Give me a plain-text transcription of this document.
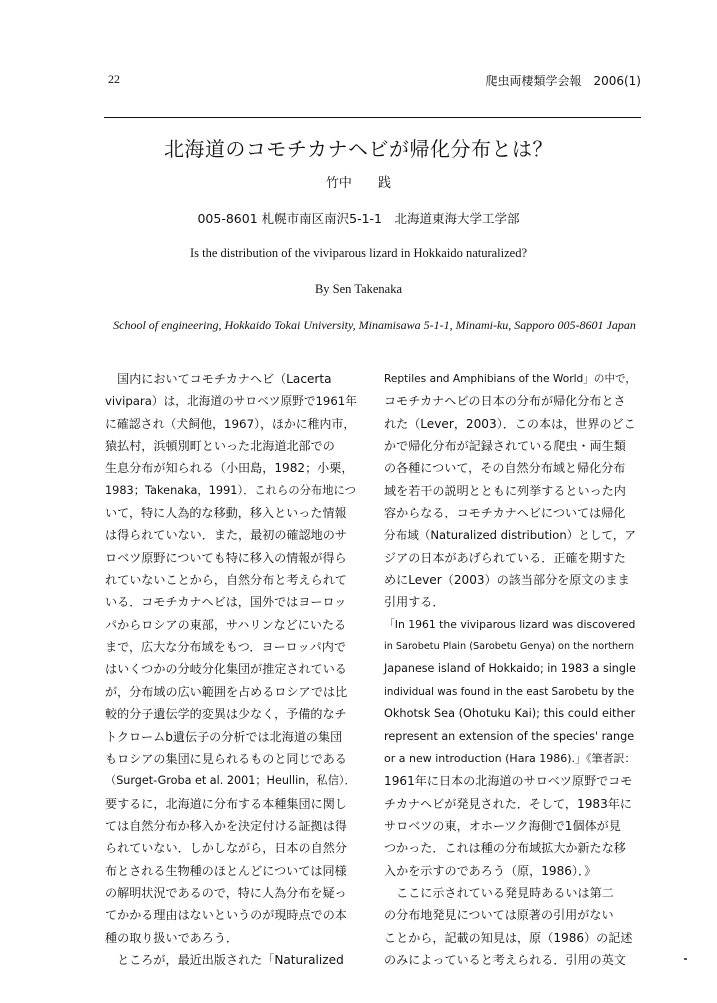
22	爬虫両棲類学会報　2006(1)
北海道のコモチカナヘビが帰化分布とは？
竹中 践
005-8601 札幌市南区南沢5-1-1　北海道東海大学工学部
Is the distribution of the viviparous lizard in Hokkaido naturalized?
By Sen Takenaka
School of engineering, Hokkaido Tokai University, Minamisawa 5-1-1, Minami-ku, Sapporo 005-8601 Japan
　国内においてコモチカナヘビ（Lacerta
vivipara）は，北海道のサロベツ原野で1961年
に確認され（犬飼他，1967），ほかに稚内市，
猿払村，浜頓別町といった北海道北部での
生息分布が知られる（小田島，1982；小栗，
1983；Takenaka，1991）．これらの分布地につ
いて，特に人為的な移動，移入といった情報
は得られていない．また，最初の確認地のサ
ロベツ原野についても特に移入の情報が得ら
れていないことから，自然分布と考えられて
いる．コモチカナヘビは，国外ではヨーロッ
パからロシアの東部，サハリンなどにいたる
まで，広大な分布域をもつ．ヨーロッパ内で
はいくつかの分岐分化集団が推定されている
が，分布域の広い範囲を占めるロシアでは比
較的分子遺伝学的変異は少なく，予備的なチ
トクロームb遺伝子の分析では北海道の集団
もロシアの集団に見られるものと同じである
（Surget-Groba et al. 2001；Heullin，私信）．
要するに，北海道に分布する本種集団に関し
ては自然分布か移入かを決定付ける証拠は得
られていない．しかしながら，日本の自然分
布とされる生物種のほとんどについては同様
の解明状況であるので，特に人為分布を疑っ
てかかる理由はないというのが現時点での本
種の取り扱いであろう．
　ところが，最近出版された「Naturalized
Reptiles and Amphibians of the World」の中で，
コモチカナヘビの日本の分布が帰化分布とさ
れた（Lever，2003）．この本は，世界のどこ
かで帰化分布が記録されている爬虫・両生類
の各種について，その自然分布域と帰化分布
域を若干の説明とともに列挙するといった内
容からなる．コモチカナヘビについては帰化
分布域（Naturalized distribution）として，ア
ジアの日本があげられている．正確を期すた
めにLever（2003）の該当部分を原文のまま
引用する．
「In 1961 the viviparous lizard was discovered
in Sarobetu Plain (Sarobetu Genya) on the northern
Japanese island of Hokkaido; in 1983 a single
individual was found in the east Sarobetu by the
Okhotsk Sea (Ohotuku Kai); this could either
represent an extension of the species' range
or a new introduction (Hara 1986).」《筆者訳：
1961年に日本の北海道のサロベツ原野でコモ
チカナヘビが発見された．そして，1983年に
サロベツの東，オホーツク海側で1個体が見
つかった．これは種の分布域拡大か新たな移
入かを示すのであろう（原，1986）．》
　ここに示されている発見時あるいは第二
の分布地発見については原著の引用がない
ことから，記載の知見は，原（1986）の記述
のみによっていると考えられる．引用の英文
